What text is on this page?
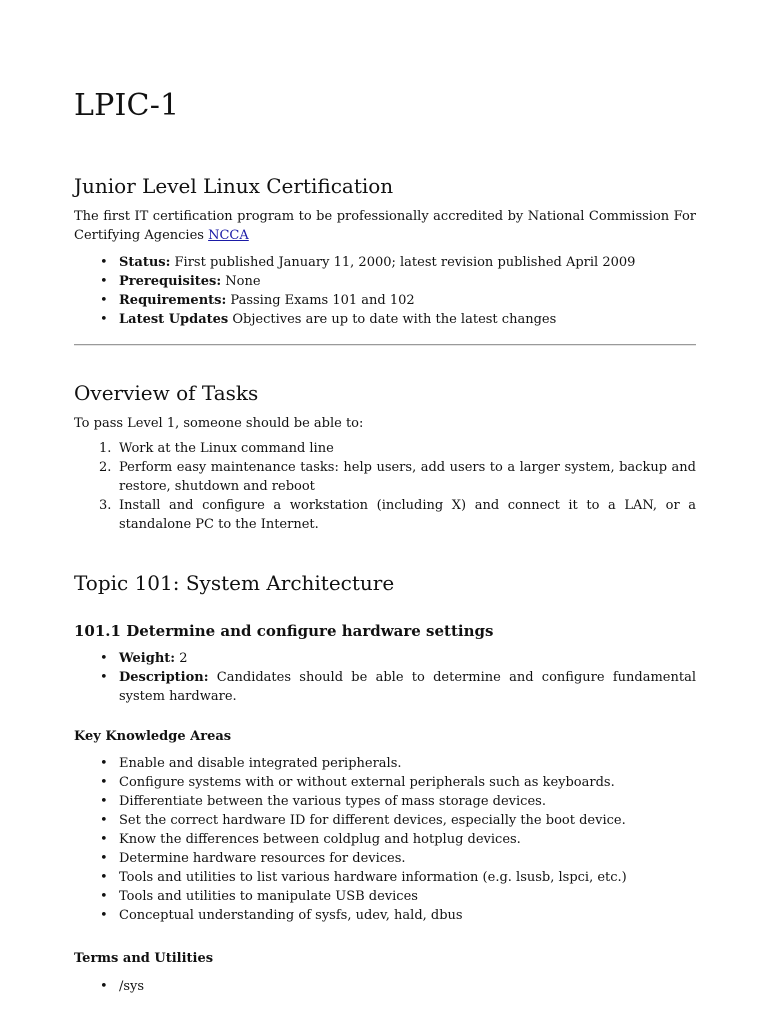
LPIC-1
Junior Level Linux Certification

The first IT certification program to be professionally accredited by National Commission For Certifying Agencies NCCA

• Status: First published January 11, 2000; latest revision published April 2009
• Prerequisites: None
• Requirements: Passing Exams 101 and 102
• Latest Updates Objectives are up to date with the latest changes
Overview of Tasks

To pass Level 1, someone should be able to:

1. Work at the Linux command line
2. Perform easy maintenance tasks: help users, add users to a larger system, backup and restore, shutdown and reboot
3. Install and configure a workstation (including X) and connect it to a LAN, or a standalone PC to the Internet.
Topic 101: System Architecture
101.1 Determine and configure hardware settings
• Weight: 2
• Description: Candidates should be able to determine and configure fundamental system hardware.
Key Knowledge Areas
• Enable and disable integrated peripherals.
• Configure systems with or without external peripherals such as keyboards.
• Differentiate between the various types of mass storage devices.
• Set the correct hardware ID for different devices, especially the boot device.
• Know the differences between coldplug and hotplug devices.
• Determine hardware resources for devices.
• Tools and utilities to list various hardware information (e.g. lsusb, lspci, etc.)
• Tools and utilities to manipulate USB devices
• Conceptual understanding of sysfs, udev, hald, dbus
Terms and Utilities
• /sys
